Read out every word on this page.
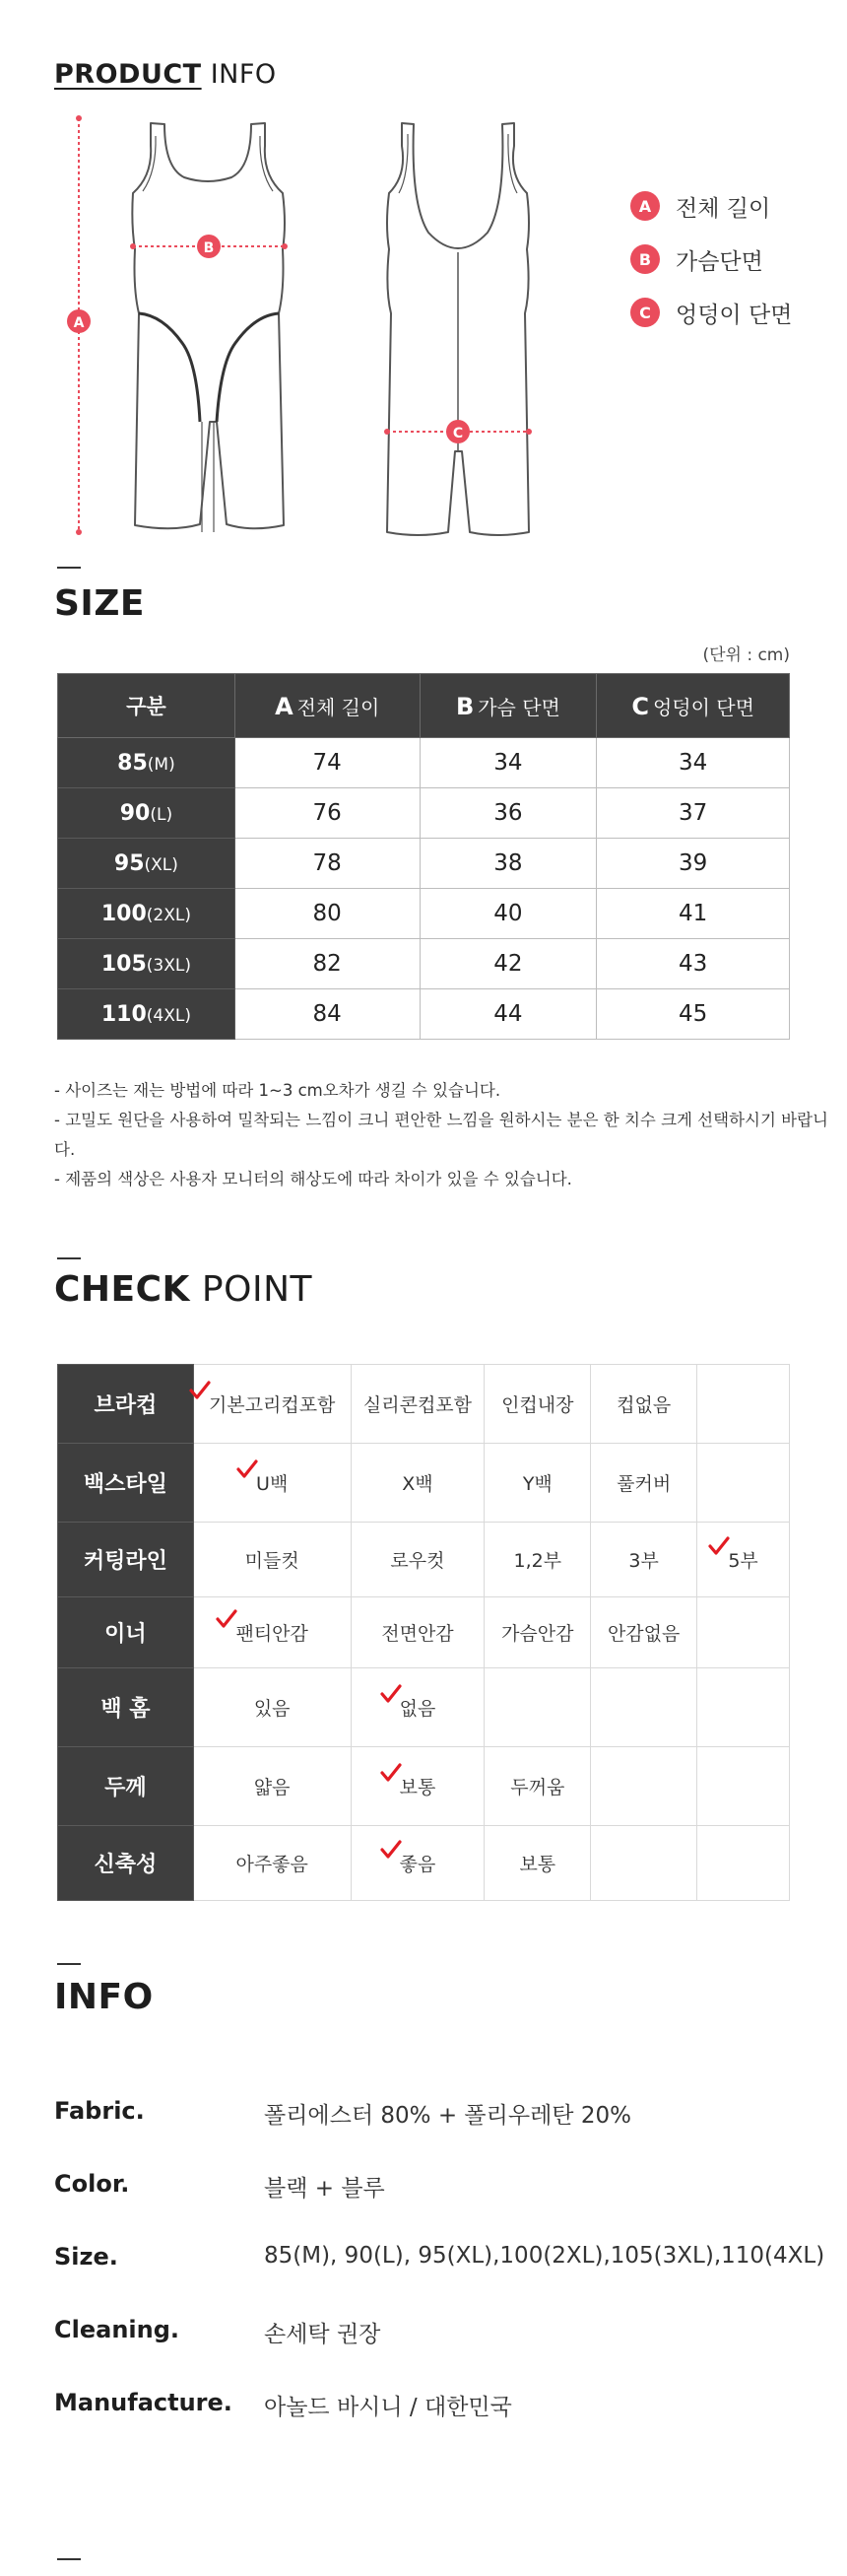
PRODUCT INFO
A
B
C
A	전체 길이
B	가슴단면
C	엉덩이 단면
SIZE
(단위 : cm)
구분	A 전체 길이	B 가슴 단면	C 엉덩이 단면
85(M)	74	34	34
90(L)	76	36	37
95(XL)	78	38	39
100(2XL)	80	40	41
105(3XL)	82	42	43
110(4XL)	84	44	45
- 사이즈는 재는 방법에 따라 1~3 cm오차가 생길 수 있습니다.
- 고밀도 원단을 사용하여 밀착되는 느낌이 크니 편안한 느낌을 원하시는 분은 한 치수 크게 선택하시기 바랍니다.
- 제품의 색상은 사용자 모니터의 해상도에 따라 차이가 있을 수 있습니다.
CHECK POINT
브라컵	기본고리컵포함	실리콘컵포함	인컵내장	컵없음	
백스타일	U백	X백	Y백	풀커버	
커팅라인	미들컷	로우컷	1,2부	3부	5부
이너	팬티안감	전면안감	가슴안감	안감없음	
백 홈	있음	없음			
두께	얇음	보통	두꺼움		
신축성	아주좋음	좋음	보통		
INFO
Fabric.	폴리에스터 80% + 폴리우레탄 20%
Color.	블랙 + 블루
Size.	85(M), 90(L), 95(XL),100(2XL),105(3XL),110(4XL)
Cleaning.	손세탁 권장
Manufacture.	아놀드 바시니 / 대한민국
